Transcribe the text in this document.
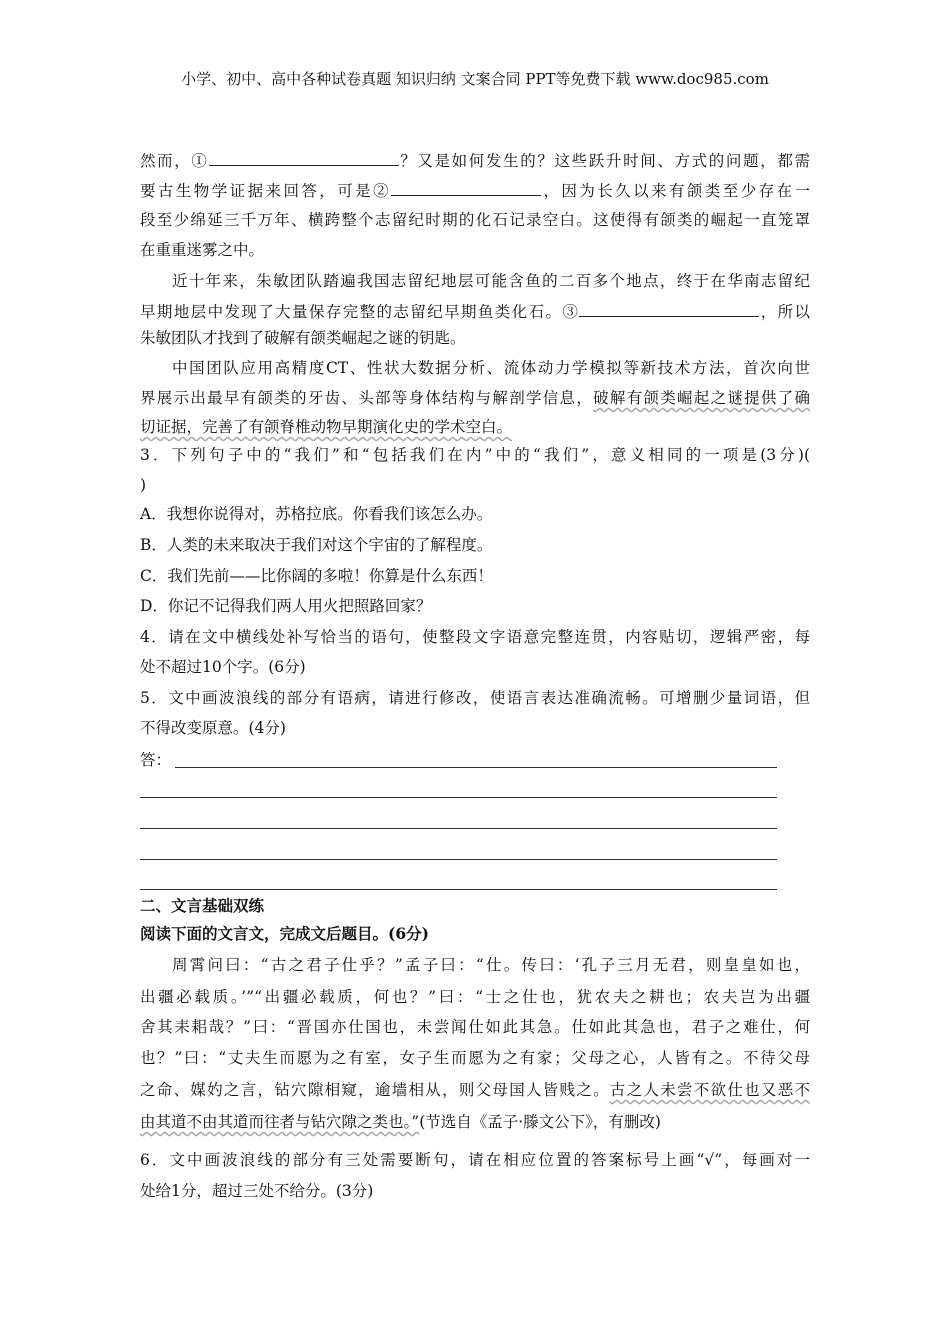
小学、初中、高中各种试卷真题 知识归纳 文案合同 PPT等免费下载 www.doc985.com
然而，①	？又是如何发生的？这些跃升时间、方式的问题，都需
要古生物学证据来回答，可是②	，因为长久以来有颌类至少存在一
段至少绵延三千万年、横跨整个志留纪时期的化石记录空白。这使得有颌类的崛起一直笼罩
在重重迷雾之中。
近十年来，朱敏团队踏遍我国志留纪地层可能含鱼的二百多个地点，终于在华南志留纪
早期地层中发现了大量保存完整的志留纪早期鱼类化石。③	，所以
朱敏团队才找到了破解有颌类崛起之谜的钥匙。
中国团队应用高精度CT、性状大数据分析、流体动力学模拟等新技术方法，首次向世
界展示出最早有颌类的牙齿、头部等身体结构与解剖学信息，破解有颌类崛起之谜提供了确
切证据，完善了有颌脊椎动物早期演化史的学术空白。
3．下列句子中的“我们”和“包括我们在内”中的“我们”，意义相同的一项是(3分)(
)
A．我想你说得对，苏格拉底。你看我们该怎么办。
B．人类的未来取决于我们对这个宇宙的了解程度。
C．我们先前——比你阔的多啦！你算是什么东西！
D．你记不记得我们两人用火把照路回家？
4．请在文中横线处补写恰当的语句，使整段文字语意完整连贯，内容贴切，逻辑严密，每
处不超过10个字。(6分)
5．文中画波浪线的部分有语病，请进行修改，使语言表达准确流畅。可增删少量词语，但
不得改变原意。(4分)
答：
二、文言基础双练
阅读下面的文言文，完成文后题目。(6分)
周霄问曰：“古之君子仕乎？”孟子曰：“仕。传曰：‘孔子三月无君，则皇皇如也，
出疆必载质。’”“出疆必载质，何也？”曰：“士之仕也，犹农夫之耕也；农夫岂为出疆
舍其耒耜哉？”曰：“晋国亦仕国也，未尝闻仕如此其急。仕如此其急也，君子之难仕，何
也？”曰：“丈夫生而愿为之有室，女子生而愿为之有家；父母之心，人皆有之。不待父母
之命、媒妁之言，钻穴隙相窥，逾墙相从，则父母国人皆贱之。古之人未尝不欲仕也又恶不
由其道不由其道而往者与钻穴隙之类也。”(节选自《孟子·滕文公下》，有删改)
6．文中画波浪线的部分有三处需要断句，请在相应位置的答案标号上画“√”，每画对一
处给1分，超过三处不给分。(3分)
